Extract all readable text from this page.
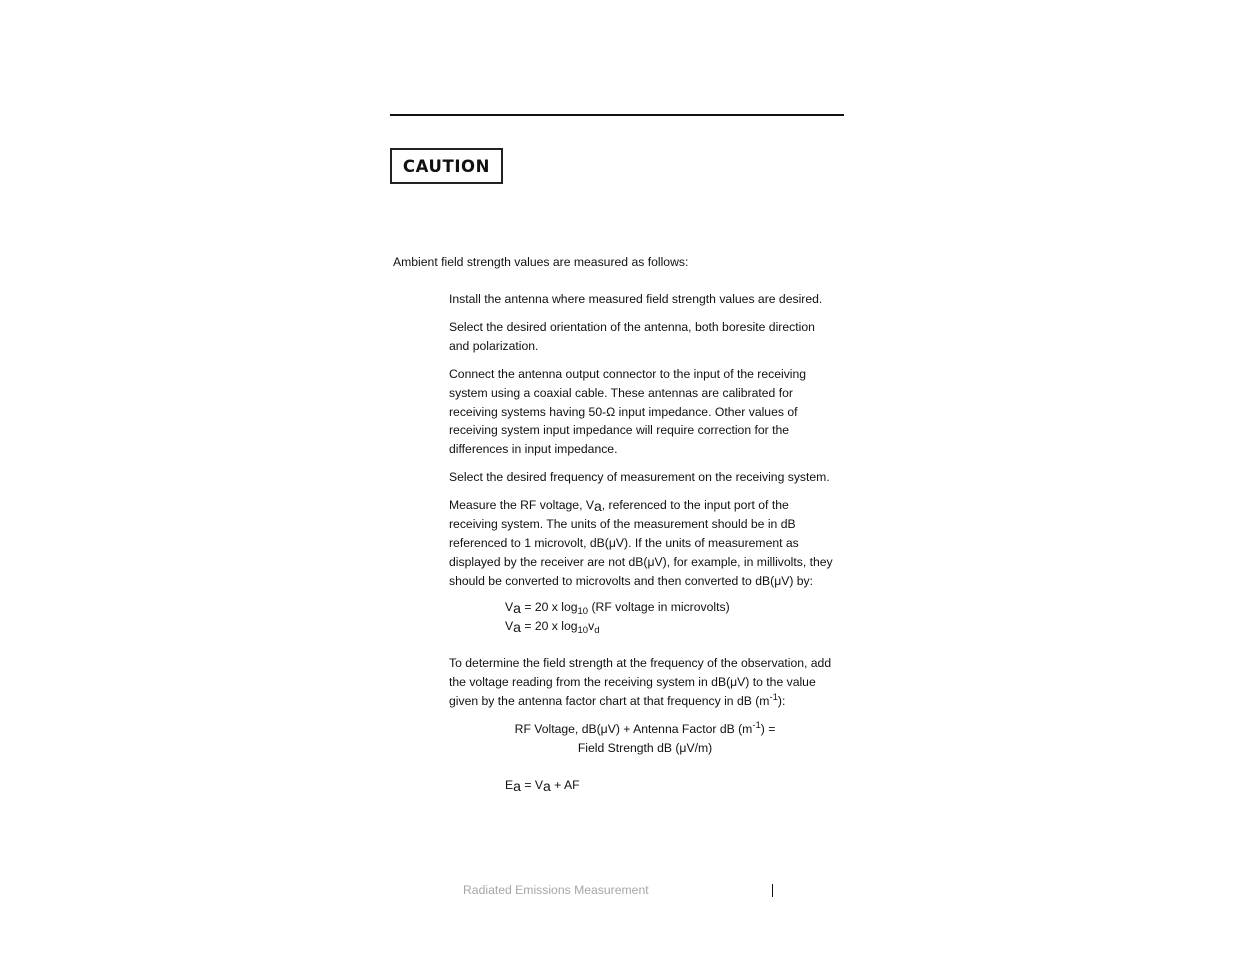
CAUTION
Ambient field strength values are measured as follows:
Install the antenna where measured field strength values are desired.
Select the desired orientation of the antenna, both boresite direction
and polarization.
Connect the antenna output connector to the input of the receiving
system using a coaxial cable. These antennas are calibrated for
receiving systems having 50-Ω input impedance. Other values of
receiving system input impedance will require correction for the
differences in input impedance.
Select the desired frequency of measurement on the receiving system.
Measure the RF voltage, Va, referenced to the input port of the
receiving system. The units of the measurement should be in dB
referenced to 1 microvolt, dB(μV). If the units of measurement as
displayed by the receiver are not dB(μV), for example, in millivolts, they
should be converted to microvolts and then converted to dB(μV) by:
Va = 20 x $\log_{10} (RF$ voltage in microvolts)
Va = 20 x $\log_{10}v_d$
To determine the field strength at the frequency of the observation, add
the voltage reading from the receiving system in dB(μV) to the value
given by the antenna factor chart at that frequency in dB $(m^{-1})$:
RF Voltage, dB(μV) + Antenna Factor dB $(m^{-1})$ =
Field Strength dB (μV/m)
Ea = Va + AF
Radiated Emissions Measurement
